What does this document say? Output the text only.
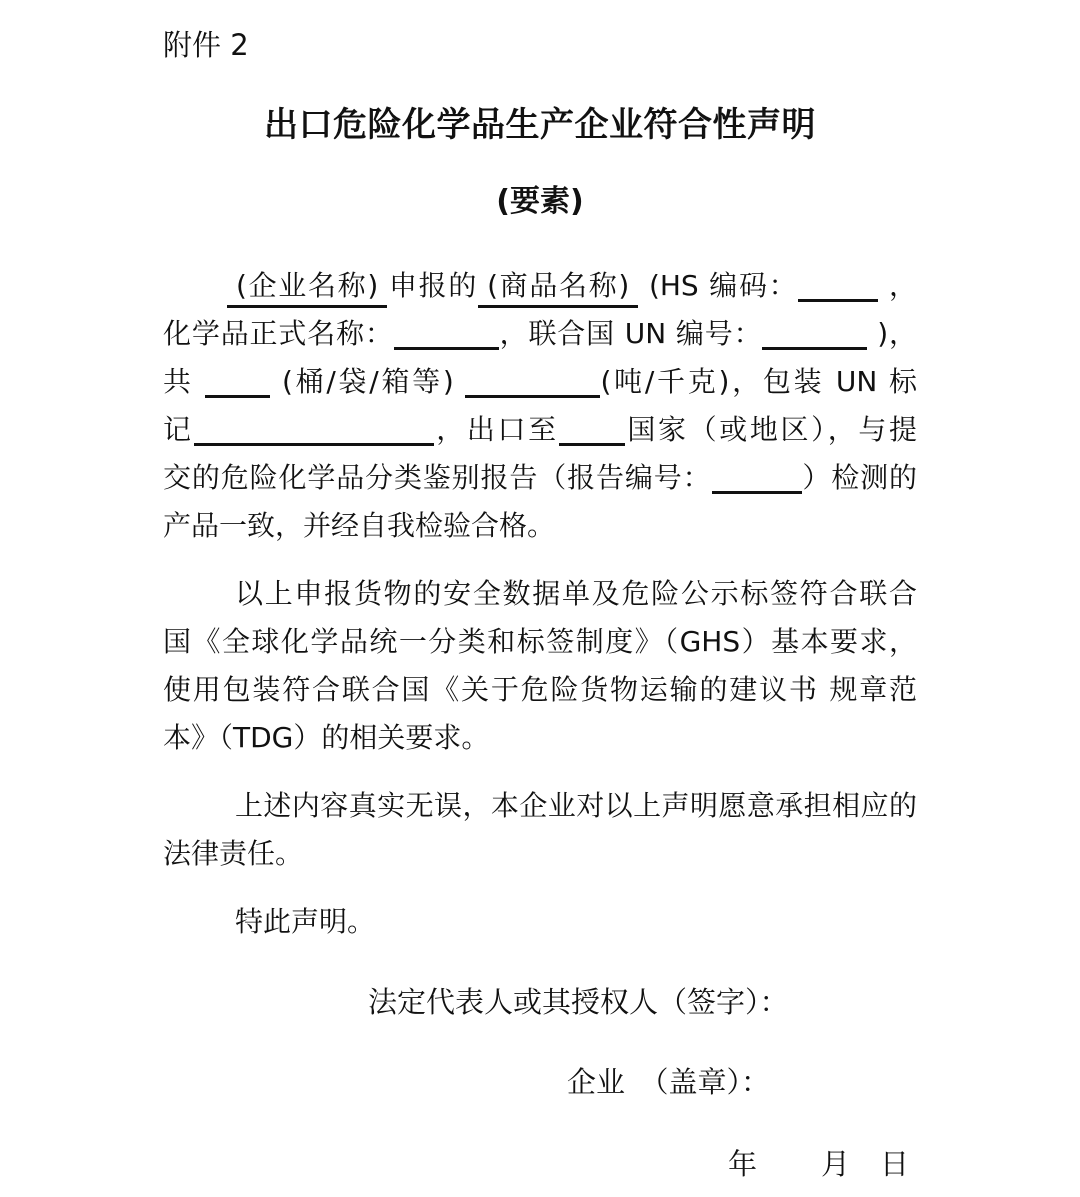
附件 2
出口危险化学品生产企业符合性声明
(要素)
(企业名称) 申报的 (商品名称) (HS 编码：	，
化学品正式名称：	，联合国 UN 编号：	)，
共	(桶/袋/箱等)	(吨/千克)，包装 UN 标
记	，出口至 国家（或地区），与提
交的危险化学品分类鉴别报告（报告编号：	）检测的
产品一致，并经自我检验合格。
以上申报货物的安全数据单及危险公示标签符合联合
国《全球化学品统一分类和标签制度》（GHS）基本要求，
使用包装符合联合国《关于危险货物运输的建议书 规章范
本》（TDG）的相关要求。
上述内容真实无误，本企业对以上声明愿意承担相应的
法律责任。
特此声明。
法定代表人或其授权人（签字）：
企业　（盖章）：
年 月 日
